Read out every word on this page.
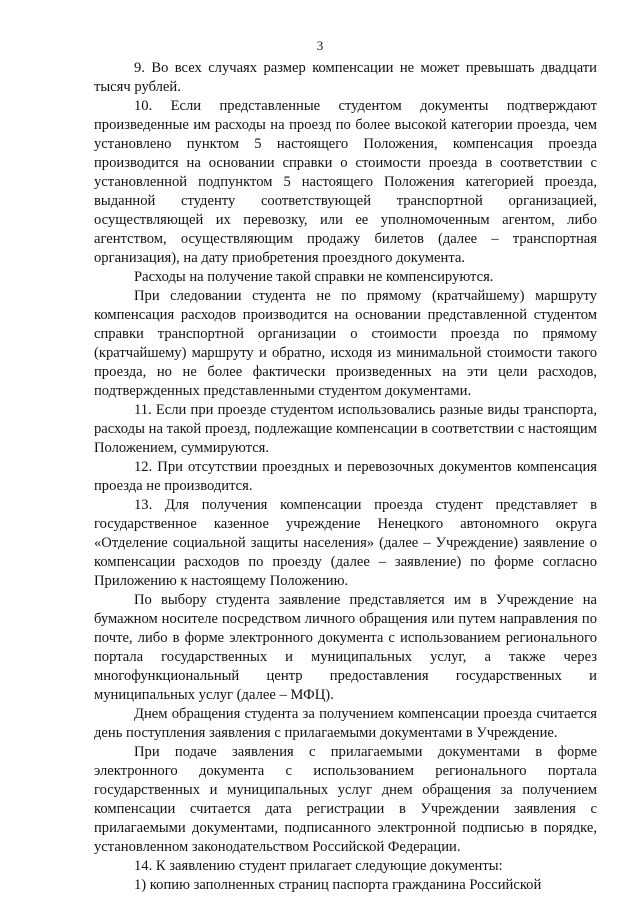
3

9. Во всех случаях размер компенсации не может превышать двадцати тысяч рублей.

10. Если представленные студентом документы подтверждают произведенные им расходы на проезд по более высокой категории проезда, чем установлено пунктом 5 настоящего Положения, компенсация проезда производится на основании справки о стоимости проезда в соответствии с установленной подпунктом 5 настоящего Положения категорией проезда, выданной студенту соответствующей транспортной организацией, осуществляющей их перевозку, или ее уполномоченным агентом, либо агентством, осуществляющим продажу билетов (далее – транспортная организация), на дату приобретения проездного документа.

Расходы на получение такой справки не компенсируются.

При следовании студента не по прямому (кратчайшему) маршруту компенсация расходов производится на основании представленной студентом справки транспортной организации о стоимости проезда по прямому (кратчайшему) маршруту и обратно, исходя из минимальной стоимости такого проезда, но не более фактически произведенных на эти цели расходов, подтвержденных представленными студентом документами.

11. Если при проезде студентом использовались разные виды транспорта, расходы на такой проезд, подлежащие компенсации в соответствии с настоящим Положением, суммируются.

12. При отсутствии проездных и перевозочных документов компенсация проезда не производится.

13. Для получения компенсации проезда студент представляет в государственное казенное учреждение Ненецкого автономного округа «Отделение социальной защиты населения» (далее – Учреждение) заявление о компенсации расходов по проезду (далее – заявление) по форме согласно Приложению к настоящему Положению.

По выбору студента заявление представляется им в Учреждение на бумажном носителе посредством личного обращения или путем направления по почте, либо в форме электронного документа с использованием регионального портала государственных и муниципальных услуг, а также через многофункциональный центр предоставления государственных и муниципальных услуг (далее – МФЦ).

Днем обращения студента за получением компенсации проезда считается день поступления заявления с прилагаемыми документами в Учреждение.

При подаче заявления с прилагаемыми документами в форме электронного документа с использованием регионального портала государственных и муниципальных услуг днем обращения за получением компенсации считается дата регистрации в Учреждении заявления с прилагаемыми документами, подписанного электронной подписью в порядке, установленном законодательством Российской Федерации.

14. К заявлению студент прилагает следующие документы:

1) копию заполненных страниц паспорта гражданина Российской
